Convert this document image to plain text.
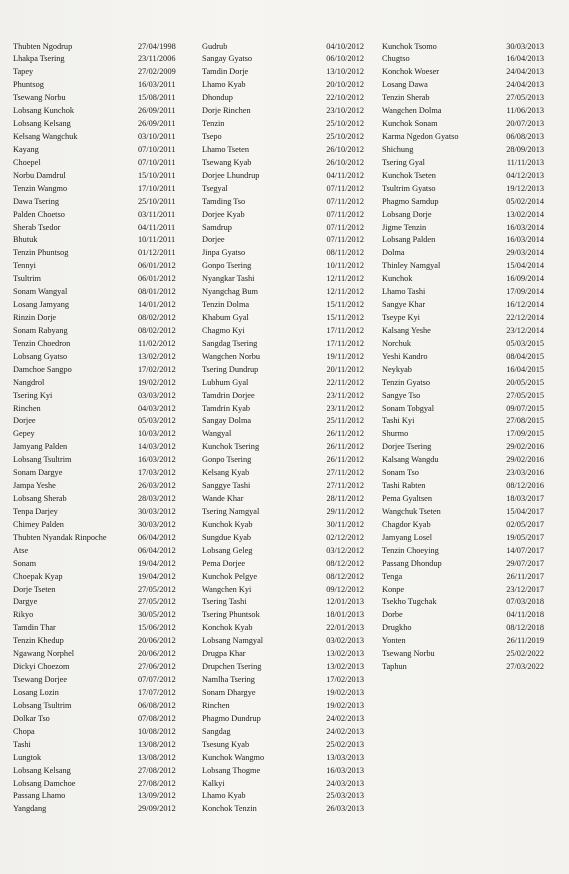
Thubten Ngodrup	27/04/1998	Gudrub	04/10/2012 Kunchok Tsomo	30/03/2013
Lhakpa Tsering	23/11/2006	Sangay Gyatso	06/10/2012 Chugtso	16/04/2013
Tapey	27/02/2009	Tamdin Dorje	13/10/2012 Konchok Woeser	24/04/2013
Phuntsog	16/03/2011	Lhamo Kyab	20/10/2012 Losang Dawa	24/04/2013
Tsewang Norbu	15/08/2011	Dhondup	22/10/2012 Tenzin Sherab	27/05/2013
Lobsang Kunchok	26/09/2011	Dorje Rinchen	23/10/2012 Wangchen Dolma	11/06/2013
Lobsang Kelsang	26/09/2011	Tenzin	25/10/2012 Kunchok Sonam	20/07/2013
Kelsang Wangchuk	03/10/2011	Tsepo	25/10/2012 Karma Ngedon Gyatso	06/08/2013
Kayang	07/10/2011	Lhamo Tseten	26/10/2012 Shichung	28/09/2013
Choepel	07/10/2011	Tsewang Kyab	26/10/2012 Tsering Gyal	11/11/2013
Norbu Damdrul	15/10/2011	Dorjee Lhundrup	04/11/2012 Kunchok Tseten	04/12/2013
Tenzin Wangmo	17/10/2011	Tsegyal	07/11/2012 Tsultrim Gyatso	19/12/2013
Dawa Tsering	25/10/2011	Tamding Tso	07/11/2012 Phagmo Samdup	05/02/2014
Palden Choetso	03/11/2011	Dorjee Kyab	07/11/2012 Lobsang Dorje	13/02/2014
Sherab Tsedor	04/11/2011	Samdrup	07/11/2012 Jigme Tenzin	16/03/2014
Bhutuk	10/11/2011	Dorjee	07/11/2012 Lobsang Palden	16/03/2014
Tenzin Phuntsog	01/12/2011	Jinpa Gyatso	08/11/2012 Dolma	29/03/2014
Tennyi	06/01/2012	Gonpo Tsering	10/11/2012 Thinley Namgyal	15/04/2014
Tsultrim	06/01/2012	Nyangkar Tashi	12/11/2012 Kunchok	16/09/2014
Sonam Wangyal	08/01/2012	Nyangchag Bum	12/11/2012 Lhamo Tashi	17/09/2014
Losang Jamyang	14/01/2012	Tenzin Dolma	15/11/2012 Sangye Khar	16/12/2014
Rinzin Dorje	08/02/2012	Khabum Gyal	15/11/2012 Tseype Kyi	22/12/2014
Sonam Rabyang	08/02/2012	Chagmo Kyi	17/11/2012 Kalsang Yeshe	23/12/2014
Tenzin Choedron	11/02/2012	Sangdag Tsering	17/11/2012 Norchuk	05/03/2015
Lobsang Gyatso	13/02/2012	Wangchen Norbu	19/11/2012 Yeshi Kandro	08/04/2015
Damchoe Sangpo	17/02/2012	Tsering Dundrup	20/11/2012 Neykyab	16/04/2015
Nangdrol	19/02/2012	Lubhum Gyal	22/11/2012 Tenzin Gyatso	20/05/2015
Tsering Kyi	03/03/2012	Tamdrin Dorjee	23/11/2012 Sangye Tso	27/05/2015
Rinchen	04/03/2012	Tamdrin Kyab	23/11/2012 Sonam Tobgyal	09/07/2015
Dorjee	05/03/2012	Sangay Dolma	25/11/2012 Tashi Kyi	27/08/2015
Gepey	10/03/2012	Wangyal	26/11/2012 Shurmo	17/09/2015
Jamyang Palden	14/03/2012	Kunchok Tsering	26/11/2012 Dorjee Tsering	29/02/2016
Lobsang Tsultrim	16/03/2012	Gonpo Tsering	26/11/2012 Kalsang Wangdu	29/02/2016
Sonam Dargye	17/03/2012	Kelsang Kyab	27/11/2012 Sonam Tso	23/03/2016
Jampa Yeshe	26/03/2012	Sanggye Tashi	27/11/2012 Tashi Rabten	08/12/2016
Lobsang Sherab	28/03/2012	Wande Khar	28/11/2012 Pema Gyaltsen	18/03/2017
Tenpa Darjey	30/03/2012	Tsering Namgyal	29/11/2012 Wangchuk Tseten	15/04/2017
Chimey Palden	30/03/2012	Kunchok Kyab	30/11/2012 Chagdor Kyab	02/05/2017
Thubten Nyandak Rinpoche	06/04/2012	Sungdue Kyab	02/12/2012 Jamyang Losel	19/05/2017
Atse	06/04/2012	Lobsang Geleg	03/12/2012 Tenzin Choeying	14/07/2017
Sonam	19/04/2012	Pema Dorjee	08/12/2012 Passang Dhondup	29/07/2017
Choepak Kyap	19/04/2012	Kunchok Pelgye	08/12/2012 Tenga	26/11/2017
Dorje Tseten	27/05/2012	Wangchen Kyi	09/12/2012 Konpe	23/12/2017
Dargye	27/05/2012	Tsering Tashi	12/01/2013 Tsekho Tugchak	07/03/2018
Rikyo	30/05/2012	Tsering Phuntsok	18/01/2013 Dorbe	04/11/2018
Tamdin Thar	15/06/2012	Konchok Kyab	22/01/2013 Drugkho	08/12/2018
Tenzin Khedup	20/06/2012	Lobsang Namgyal	03/02/2013 Yonten	26/11/2019
Ngawang Norphel	20/06/2012	Drugpa Khar	13/02/2013 Tsewang Norbu	25/02/2022
Dickyi Choezom	27/06/2012	Drupchen Tsering	13/02/2013 Taphun	27/03/2022
Tsewang Dorjee	07/07/2012	Namlha Tsering	17/02/2013
Losang Lozin	17/07/2012	Sonam Dhargye	19/02/2013
Lobsang Tsultrim	06/08/2012	Rinchen	19/02/2013
Dolkar Tso	07/08/2012	Phagmo Dundrup	24/02/2013
Chopa	10/08/2012	Sangdag	24/02/2013
Tashi	13/08/2012	Tsesung Kyab	25/02/2013
Lungtok	13/08/2012	Kunchok Wangmo	13/03/2013
Lobsang Kelsang	27/08/2012	Lobsang Thogme	16/03/2013
Lobsang Damchoe	27/08/2012	Kalkyi	24/03/2013
Passang Lhamo	13/09/2012	Lhamo Kyab	25/03/2013
Yangdang	29/09/2012	Konchok Tenzin	26/03/2013
